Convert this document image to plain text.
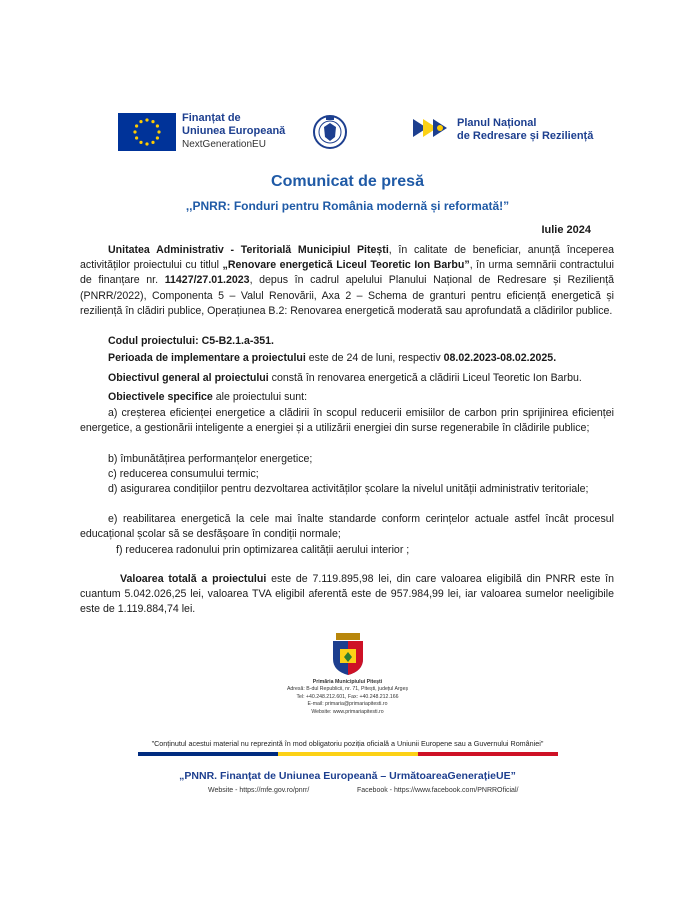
Finanțat de
Uniunea Europeană
NextGenerationEU
Planul Național
de Redresare și Reziliență
Comunicat de presă
,,PNRR: Fonduri pentru România modernă și reformată!”
Iulie 2024
Unitatea Administrativ - Teritorială Municipiul Pitești, în calitate de beneficiar, anunță începerea activităților proiectului cu titlul „Renovare energetică Liceul Teoretic Ion Barbu”, în urma semnării contractului de finanțare nr. 11427/27.01.2023, depus în cadrul apelului Planului Național de Redresare și Reziliență (PNRR/2022), Componenta 5 – Valul Renovării, Axa 2 – Schema de granturi pentru eficiență energetică și reziliență în clădiri publice, Operațiunea B.2: Renovarea energetică moderată sau aprofundată a clădirilor publice.
Codul proiectului: C5-B2.1.a-351.
Perioada de implementare a proiectului este de 24 de luni, respectiv 08.02.2023-08.02.2025.
Obiectivul general al proiectului constă în renovarea energetică a clădirii Liceul Teoretic Ion Barbu.
Obiectivele specifice ale proiectului sunt:
a) creșterea eficienței energetice a clădirii în scopul reducerii emisiilor de carbon prin sprijinirea eficienței energetice, a gestionării inteligente a energiei și a utilizării energiei din surse regenerabile în clădirile publice;
b) îmbunătățirea performanțelor energetice;
c) reducerea consumului termic;
d) asigurarea condițiilor pentru dezvoltarea activităților școlare la nivelul unității administrativ teritoriale;
e) reabilitarea energetică la cele mai înalte standarde conform cerințelor actuale astfel încât procesul educațional școlar să se desfășoare în condiții normale;
f) reducerea radonului prin optimizarea calității aerului interior ;
Valoarea totală a proiectului este de 7.119.895,98 lei, din care valoarea eligibilă din PNRR este în cuantum 5.042.026,25 lei, valoarea TVA eligibil aferentă este de 957.984,99 lei, iar valoarea sumelor neeligibile este de 1.119.884,74 lei.
Primăria Municipiului Pitești
Adresă: B-dul Republicii, nr. 71, Pitești, județul Argeș
Tel: +40.248.212.601, Fax: +40.248.212.166
E-mail: primaria@primariapitesti.ro
Website: www.primariapitesti.ro
"Conținutul acestui material nu reprezintă în mod obligatoriu poziția oficială a Uniunii Europene sau a Guvernului României"
„PNNR. Finanțat de Uniunea Europeană – UrmătoareaGenerațieUE”
Website - https://mfe.gov.ro/pnrr/	Facebook - https://www.facebook.com/PNRROficial/
